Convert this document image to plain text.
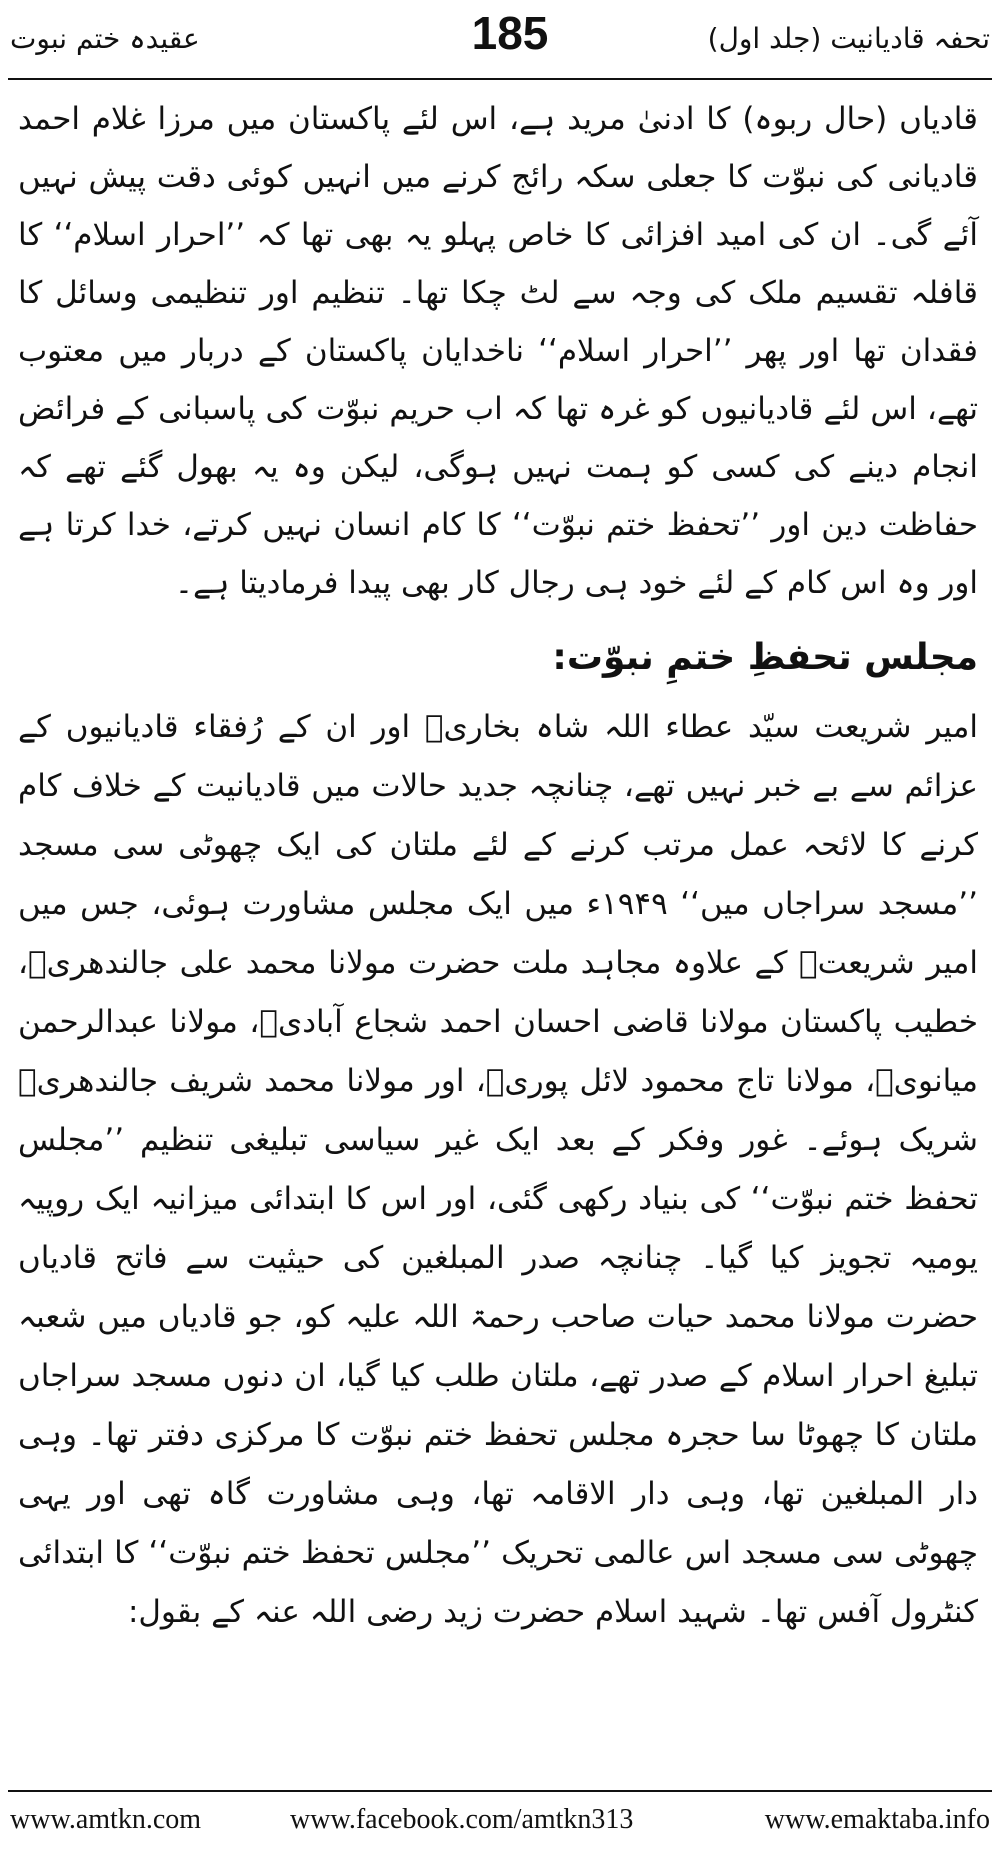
تحفہ قادیانیت (جلد اول)
185
عقیدہ ختم نبوت

قادیاں (حال ربوہ) کا ادنیٰ مرید ہے، اس لئے پاکستان میں مرزا غلام احمد قادیانی کی نبوّت کا جعلی سکہ رائج کرنے میں انہیں کوئی دقت پیش نہیں آئے گی۔ ان کی امید افزائی کا خاص پہلو یہ بھی تھا کہ ’’احرار اسلام‘‘ کا قافلہ تقسیم ملک کی وجہ سے لٹ چکا تھا۔ تنظیم اور تنظیمی وسائل کا فقدان تھا اور پھر ’’احرار اسلام‘‘ ناخدایان پاکستان کے دربار میں معتوب تھے، اس لئے قادیانیوں کو غرہ تھا کہ اب حریم نبوّت کی پاسبانی کے فرائض انجام دینے کی کسی کو ہمت نہیں ہوگی، لیکن وہ یہ بھول گئے تھے کہ حفاظت دین اور ’’تحفظ ختم نبوّت‘‘ کا کام انسان نہیں کرتے، خدا کرتا ہے اور وہ اس کام کے لئے خود ہی رجال کار بھی پیدا فرمادیتا ہے۔

مجلس تحفظِ ختمِ نبوّت:

امیر شریعت سیّد عطاء اللہ شاہ بخاریؒ اور ان کے رُفقاء قادیانیوں کے عزائم سے بے خبر نہیں تھے، چنانچہ جدید حالات میں قادیانیت کے خلاف کام کرنے کا لائحہ عمل مرتب کرنے کے لئے ملتان کی ایک چھوٹی سی مسجد ’’مسجد سراجاں میں‘‘ ۱۹۴۹ء میں ایک مجلس مشاورت ہوئی، جس میں امیر شریعتؒ کے علاوہ مجاہد ملت حضرت مولانا محمد علی جالندھریؒ، خطیب پاکستان مولانا قاضی احسان احمد شجاع آبادیؒ، مولانا عبدالرحمن میانویؒ، مولانا تاج محمود لائل پوریؒ، اور مولانا محمد شریف جالندھریؒ شریک ہوئے۔ غور وفکر کے بعد ایک غیر سیاسی تبلیغی تنظیم ’’مجلس تحفظ ختم نبوّت‘‘ کی بنیاد رکھی گئی، اور اس کا ابتدائی میزانیہ ایک روپیہ یومیہ تجویز کیا گیا۔ چنانچہ صدر المبلغین کی حیثیت سے فاتح قادیاں حضرت مولانا محمد حیات صاحب رحمۃ اللہ علیہ کو، جو قادیاں میں شعبہ تبلیغ احرار اسلام کے صدر تھے، ملتان طلب کیا گیا، ان دنوں مسجد سراجاں ملتان کا چھوٹا سا حجرہ مجلس تحفظ ختم نبوّت کا مرکزی دفتر تھا۔ وہی دار المبلغین تھا، وہی دار الاقامہ تھا، وہی مشاورت گاہ تھی اور یہی چھوٹی سی مسجد اس عالمی تحریک ’’مجلس تحفظ ختم نبوّت‘‘ کا ابتدائی کنٹرول آفس تھا۔ شہید اسلام حضرت زید رضی اللہ عنہ کے بقول:

www.amtkn.com	www.facebook.com/amtkn313	www.emaktaba.info
